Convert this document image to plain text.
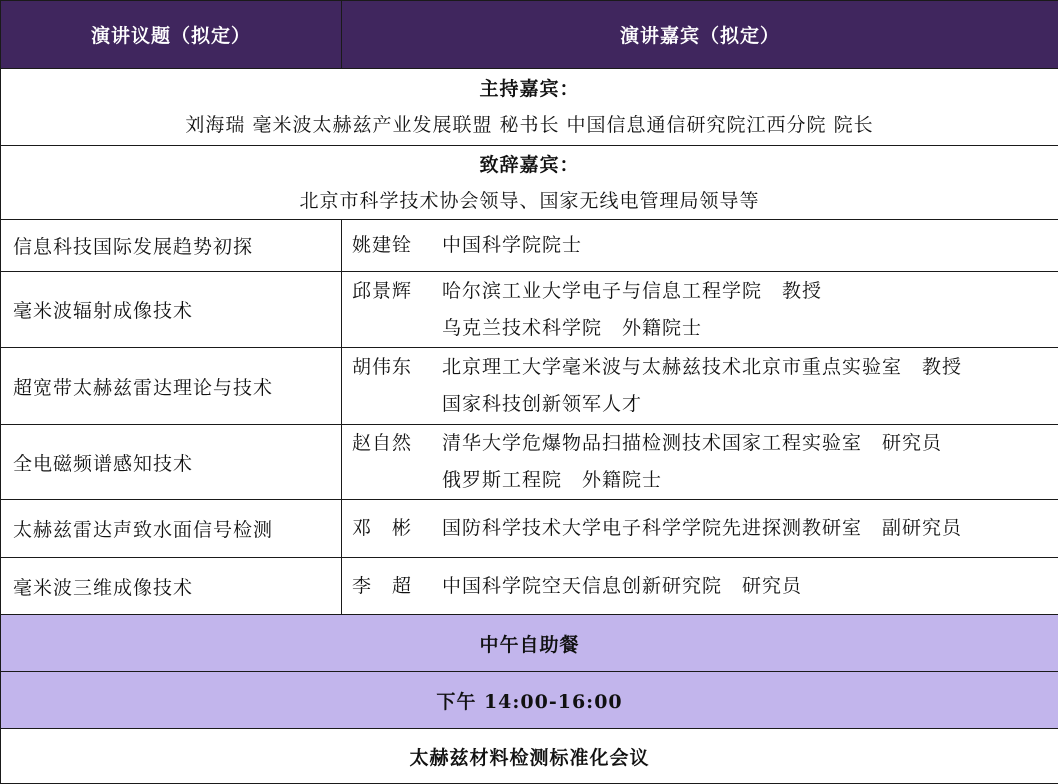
演讲议题（拟定）	演讲嘉宾（拟定）

主持嘉宾：
刘海瑞 毫米波太赫兹产业发展联盟 秘书长 中国信息通信研究院江西分院 院长	

致辞嘉宾：
北京市科学技术协会领导、国家无线电管理局领导等	

信息科技国际发展趋势初探	姚建铨 中国科学院院士

毫米波辐射成像技术	邱景辉 哈尔滨工业大学电子与信息工程学院　教授
乌克兰技术科学院　外籍院士

超宽带太赫兹雷达理论与技术	胡伟东 北京理工大学毫米波与太赫兹技术北京市重点实验室　教授
国家科技创新领军人才

全电磁频谱感知技术	赵自然 清华大学危爆物品扫描检测技术国家工程实验室　研究员
俄罗斯工程院　外籍院士

太赫兹雷达声致水面信号检测	邓　彬 国防科学技术大学电子科学学院先进探测教研室　副研究员

毫米波三维成像技术	李　超 中国科学院空天信息创新研究院　研究员

中午自助餐	
下午 14:00-16:00	
太赫兹材料检测标准化会议	
